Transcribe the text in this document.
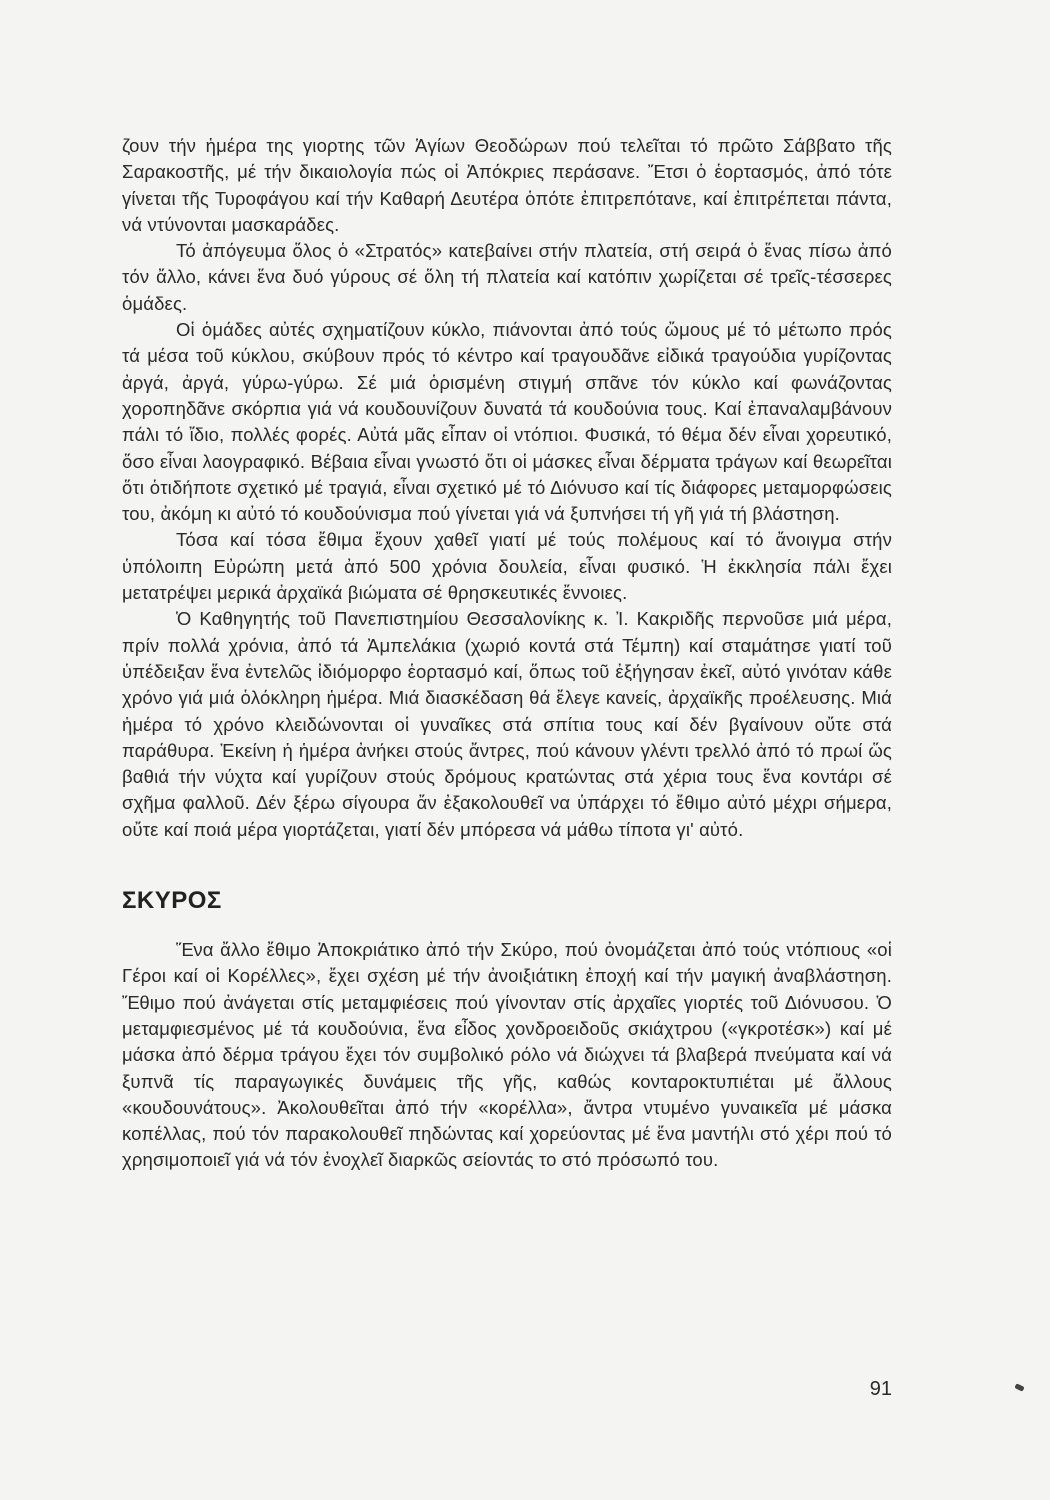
ζουν τήν ἡμέρα της γιορτης τῶν Ἁγίων Θεοδώρων πού τελεῖται τό πρῶτο Σάββατο τῆς Σαρακοστῆς, μέ τήν δικαιολογία πώς οἱ Ἀπόκριες περάσανε. Ἔτσι ὁ ἑορτασμός, ἀπό τότε γίνεται τῆς Τυροφάγου καί τήν Καθαρή Δευτέρα ὁπότε ἐπιτρεπότανε, καί ἐπιτρέπεται πάντα, νά ντύνονται μασκαράδες.

Τό ἀπόγευμα ὅλος ὁ «Στρατός» κατεβαίνει στήν πλατεία, στή σειρά ὁ ἕνας πίσω ἀπό τόν ἄλλο, κάνει ἕνα δυό γύρους σέ ὅλη τή πλατεία καί κατόπιν χωρίζεται σέ τρεῖς-τέσσερες ὁμάδες.

Οἱ ὁμάδες αὐτές σχηματίζουν κύκλο, πιάνονται ἀπό τούς ὤμους μέ τό μέτωπο πρός τά μέσα τοῦ κύκλου, σκύβουν πρός τό κέντρο καί τραγουδᾶνε εἰδικά τραγούδια γυρίζοντας ἀργά, ἀργά, γύρω-γύρω. Σέ μιά ὁρισμένη στιγμή σπᾶνε τόν κύκλο καί φωνάζοντας χοροπηδᾶνε σκόρπια γιά νά κουδουνίζουν δυνατά τά κουδούνια τους. Καί ἐπαναλαμβάνουν πάλι τό ἴδιο, πολλές φορές. Αὐτά μᾶς εἶπαν οἱ ντόπιοι. Φυσικά, τό θέμα δέν εἶναι χορευτικό, ὅσο εἶναι λαογραφικό. Βέβαια εἶναι γνωστό ὅτι οἱ μάσκες εἶναι δέρματα τράγων καί θεωρεῖται ὅτι ὁτιδήποτε σχετικό μέ τραγιά, εἶναι σχετικό μέ τό Διόνυσο καί τίς διάφορες μεταμορφώσεις του, ἀκόμη κι αὐτό τό κουδούνισμα πού γίνεται γιά νά ξυπνήσει τή γῆ γιά τή βλάστηση.

Τόσα καί τόσα ἔθιμα ἔχουν χαθεῖ γιατί μέ τούς πολέμους καί τό ἄνοιγμα στήν ὑπόλοιπη Εὐρώπη μετά ἀπό 500 χρόνια δουλεία, εἶναι φυσικό. Ἡ ἐκκλησία πάλι ἔχει μετατρέψει μερικά ἀρχαϊκά βιώματα σέ θρησκευτικές ἔννοιες.

Ὁ Καθηγητής τοῦ Πανεπιστημίου Θεσσαλονίκης κ. Ἰ. Κακριδῆς περνοῦσε μιά μέρα, πρίν πολλά χρόνια, ἀπό τά Ἀμπελάκια (χωριό κοντά στά Τέμπη) καί σταμάτησε γιατί τοῦ ὑπέδειξαν ἕνα ἐντελῶς ἰδιόμορφο ἑορτασμό καί, ὅπως τοῦ ἐξήγησαν ἐκεῖ, αὐτό γινόταν κάθε χρόνο γιά μιά ὁλόκληρη ἡμέρα. Μιά διασκέδαση θά ἔλεγε κανείς, ἀρχαϊκῆς προέλευσης. Μιά ἡμέρα τό χρόνο κλειδώνονται οἱ γυναῖκες στά σπίτια τους καί δέν βγαίνουν οὔτε στά παράθυρα. Ἐκείνη ἡ ἡμέρα ἀνήκει στούς ἄντρες, πού κάνουν γλέντι τρελλό ἀπό τό πρωί ὥς βαθιά τήν νύχτα καί γυρίζουν στούς δρόμους κρατώντας στά χέρια τους ἕνα κοντάρι σέ σχῆμα φαλλοῦ. Δέν ξέρω σίγουρα ἄν ἐξακολουθεῖ να ὑπάρχει τό ἔθιμο αὐτό μέχρι σήμερα, οὔτε καί ποιά μέρα γιορτάζεται, γιατί δέν μπόρεσα νά μάθω τίποτα γι' αὐτό.

ΣΚΥΡΟΣ

Ἕνα ἄλλο ἔθιμο Ἀποκριάτικο ἀπό τήν Σκύρο, πού ὀνομάζεται ἀπό τούς ντόπιους «οἱ Γέροι καί οἱ Κορέλλες», ἔχει σχέση μέ τήν ἀνοιξιάτικη ἐποχή καί τήν μαγική ἀναβλάστηση. Ἔθιμο πού ἀνάγεται στίς μεταμφιέσεις πού γίνονταν στίς ἀρχαῖες γιορτές τοῦ Διόνυσου. Ὁ μεταμφιεσμένος μέ τά κουδούνια, ἕνα εἶδος χονδροειδοῦς σκιάχτρου («γκροτέσκ») καί μέ μάσκα ἀπό δέρμα τράγου ἔχει τόν συμβολικό ρόλο νά διώχνει τά βλαβερά πνεύματα καί νά ξυπνᾶ τίς παραγωγικές δυνάμεις τῆς γῆς, καθώς κονταροκτυπιέται μέ ἄλλους «κουδουνάτους». Ἀκολουθεῖται ἀπό τήν «κορέλλα», ἄντρα ντυμένο γυναικεῖα μέ μάσκα κοπέλλας, πού τόν παρακολουθεῖ πηδώντας καί χορεύοντας μέ ἕνα μαντήλι στό χέρι πού τό χρησιμοποιεῖ γιά νά τόν ἐνοχλεῖ διαρκῶς σείοντάς το στό πρόσωπό του.

91
